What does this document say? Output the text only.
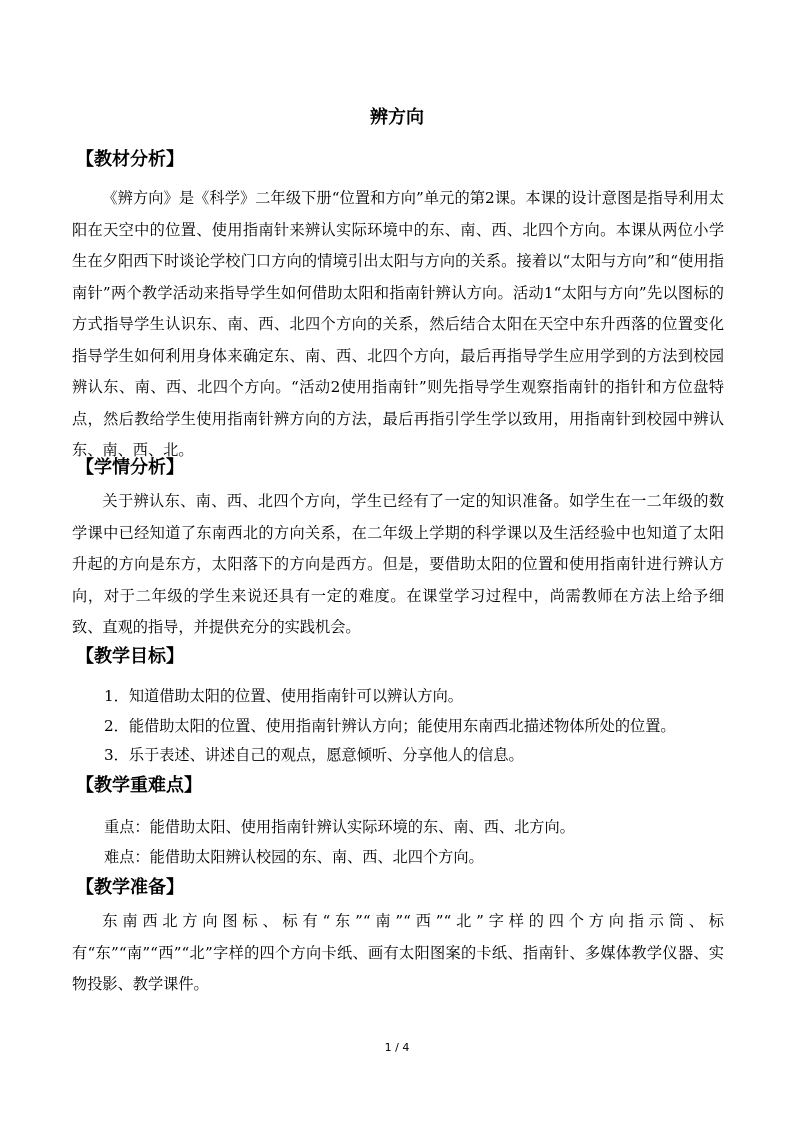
辨方向
【教材分析】
《辨方向》是《科学》二年级下册“位置和方向”单元的第2课。本课的设计意图是指导利用太阳在天空中的位置、使用指南针来辨认实际环境中的东、南、西、北四个方向。本课从两位小学生在夕阳西下时谈论学校门口方向的情境引出太阳与方向的关系。接着以“太阳与方向”和“使用指南针”两个教学活动来指导学生如何借助太阳和指南针辨认方向。活动1“太阳与方向”先以图标的方式指导学生认识东、南、西、北四个方向的关系，然后结合太阳在天空中东升西落的位置变化指导学生如何利用身体来确定东、南、西、北四个方向，最后再指导学生应用学到的方法到校园辨认东、南、西、北四个方向。“活动2使用指南针”则先指导学生观察指南针的指针和方位盘特点，然后教给学生使用指南针辨方向的方法，最后再指引学生学以致用，用指南针到校园中辨认东、南、西、北。
【学情分析】
关于辨认东、南、西、北四个方向，学生已经有了一定的知识准备。如学生在一二年级的数学课中已经知道了东南西北的方向关系，在二年级上学期的科学课以及生活经验中也知道了太阳升起的方向是东方，太阳落下的方向是西方。但是，要借助太阳的位置和使用指南针进行辨认方向，对于二年级的学生来说还具有一定的难度。在课堂学习过程中，尚需教师在方法上给予细致、直观的指导，并提供充分的实践机会。
【教学目标】
1．知道借助太阳的位置、使用指南针可以辨认方向。
2．能借助太阳的位置、使用指南针辨认方向；能使用东南西北描述物体所处的位置。
3．乐于表述、讲述自己的观点，愿意倾听、分享他人的信息。
【教学重难点】
重点：能借助太阳、使用指南针辨认实际环境的东、南、西、北方向。
难点：能借助太阳辨认校园的东、南、西、北四个方向。
【教学准备】
东南西北方向图标、标有“东”“南”“西”“北”字样的四个方向指示筒、标有“东”“南”“西”“北”字样的四个方向卡纸、画有太阳图案的卡纸、指南针、多媒体教学仪器、实物投影、教学课件。
1 / 4
